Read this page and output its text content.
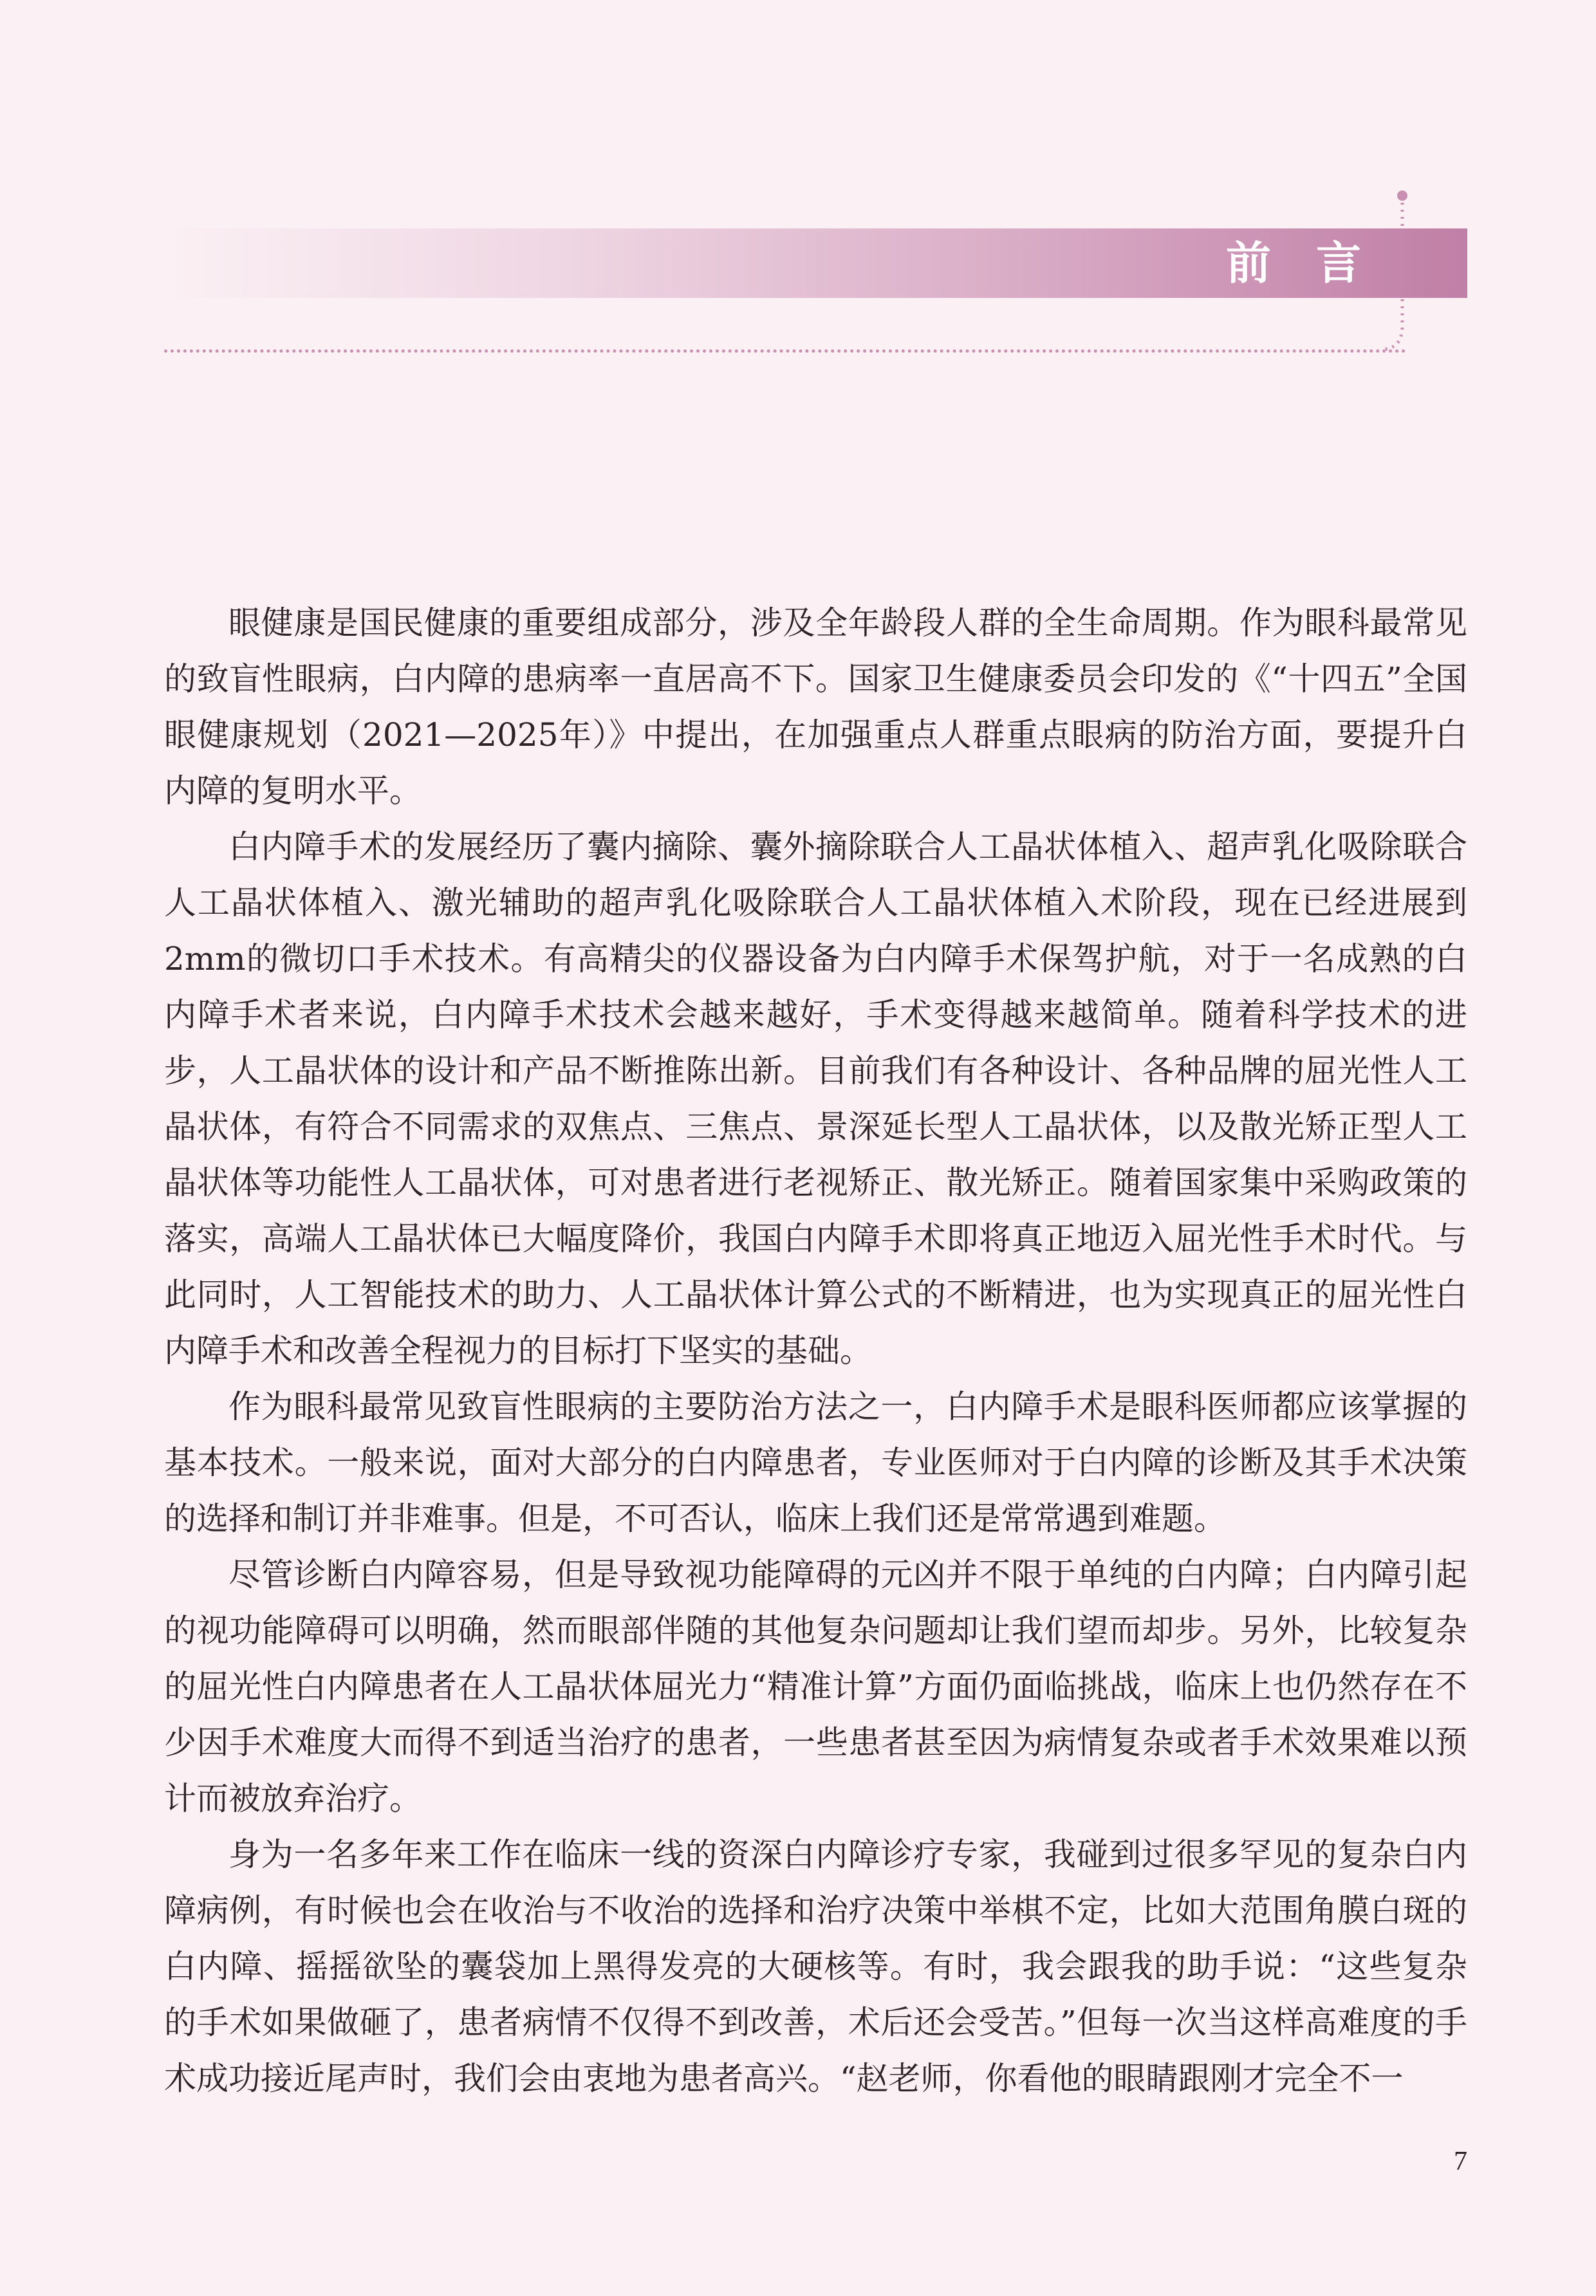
前言

眼健康是国民健康的重要组成部分，涉及全年龄段人群的全生命周期。作为眼科最常见的致盲性眼病，白内障的患病率一直居高不下。国家卫生健康委员会印发的《“十四五”全国眼健康规划（2021—2025年）》中提出，在加强重点人群重点眼病的防治方面，要提升白内障的复明水平。

白内障手术的发展经历了囊内摘除、囊外摘除联合人工晶状体植入、超声乳化吸除联合人工晶状体植入、激光辅助的超声乳化吸除联合人工晶状体植入术阶段，现在已经进展到2mm的微切口手术技术。有高精尖的仪器设备为白内障手术保驾护航，对于一名成熟的白内障手术者来说，白内障手术技术会越来越好，手术变得越来越简单。随着科学技术的进步，人工晶状体的设计和产品不断推陈出新。目前我们有各种设计、各种品牌的屈光性人工晶状体，有符合不同需求的双焦点、三焦点、景深延长型人工晶状体，以及散光矫正型人工晶状体等功能性人工晶状体，可对患者进行老视矫正、散光矫正。随着国家集中采购政策的落实，高端人工晶状体已大幅度降价，我国白内障手术即将真正地迈入屈光性手术时代。与此同时，人工智能技术的助力、人工晶状体计算公式的不断精进，也为实现真正的屈光性白内障手术和改善全程视力的目标打下坚实的基础。

作为眼科最常见致盲性眼病的主要防治方法之一，白内障手术是眼科医师都应该掌握的基本技术。一般来说，面对大部分的白内障患者，专业医师对于白内障的诊断及其手术决策的选择和制订并非难事。但是，不可否认，临床上我们还是常常遇到难题。

尽管诊断白内障容易，但是导致视功能障碍的元凶并不限于单纯的白内障；白内障引起的视功能障碍可以明确，然而眼部伴随的其他复杂问题却让我们望而却步。另外，比较复杂的屈光性白内障患者在人工晶状体屈光力“精准计算”方面仍面临挑战，临床上也仍然存在不少因手术难度大而得不到适当治疗的患者，一些患者甚至因为病情复杂或者手术效果难以预计而被放弃治疗。

身为一名多年来工作在临床一线的资深白内障诊疗专家，我碰到过很多罕见的复杂白内障病例，有时候也会在收治与不收治的选择和治疗决策中举棋不定，比如大范围角膜白斑的白内障、摇摇欲坠的囊袋加上黑得发亮的大硬核等。有时，我会跟我的助手说：“这些复杂的手术如果做砸了，患者病情不仅得不到改善，术后还会受苦。”但每一次当这样高难度的手术成功接近尾声时，我们会由衷地为患者高兴。“赵老师，你看他的眼睛跟刚才完全不一

7
